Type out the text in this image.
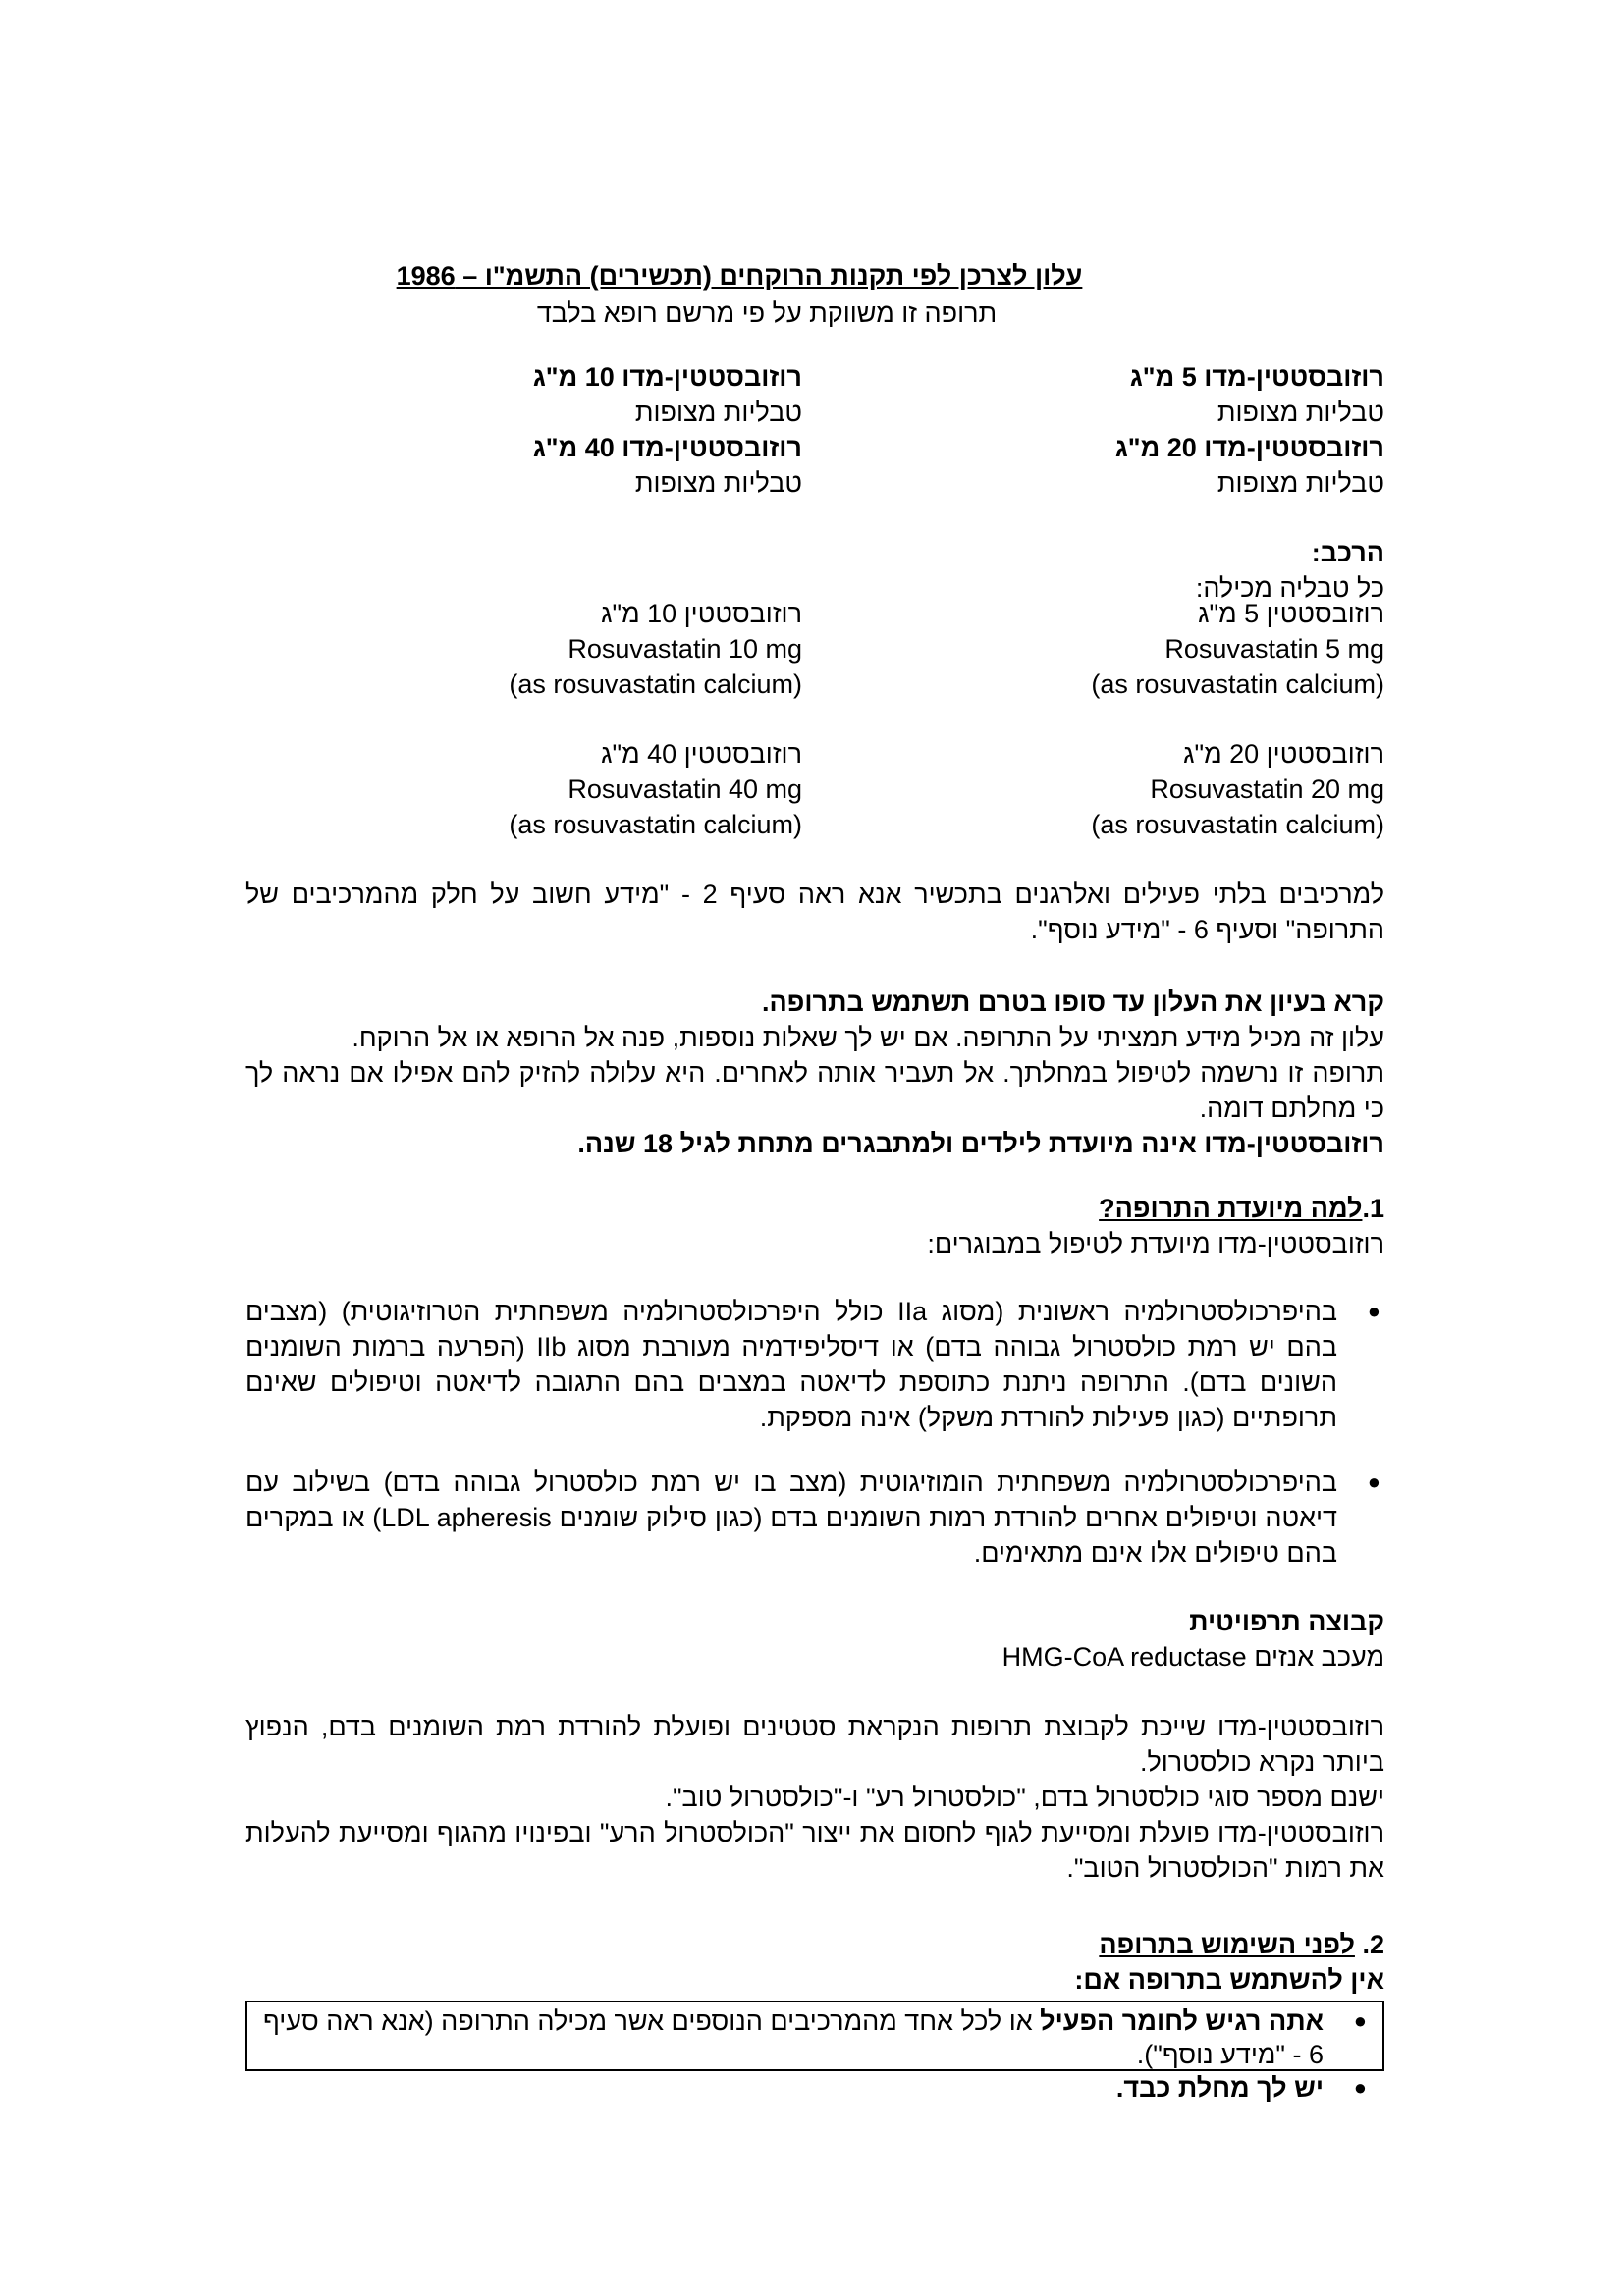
עלון לצרכן לפי תקנות הרוקחים (תכשירים) התשמ"ו – 1986
תרופה זו משווקת על פי מרשם רופא בלבד
רוזובסטטין-מדו 5 מ"ג
טבליות מצופות
רוזובסטטין-מדו 20 מ"ג
טבליות מצופות
רוזובסטטין-מדו 10 מ"ג
טבליות מצופות
רוזובסטטין-מדו 40 מ"ג
טבליות מצופות
הרכב:
כל טבליה מכילה:
רוזובסטטין 5 מ"ג
Rosuvastatin 5 mg
(as rosuvastatin calcium)
רוזובסטטין 20 מ"ג
Rosuvastatin 20 mg
(as rosuvastatin calcium)
רוזובסטטין 10 מ"ג
Rosuvastatin 10 mg
(as rosuvastatin calcium)
רוזובסטטין 40 מ"ג
Rosuvastatin 40 mg
(as rosuvastatin calcium)
למרכיבים בלתי פעילים ואלרגנים בתכשיר אנא ראה סעיף 2 - "מידע חשוב על חלק מהמרכיבים של התרופה" וסעיף 6 - "מידע נוסף".
קרא בעיון את העלון עד סופו בטרם תשתמש בתרופה.
עלון זה מכיל מידע תמציתי על התרופה. אם יש לך שאלות נוספות, פנה אל הרופא או אל הרוקח.
תרופה זו נרשמה לטיפול במחלתך. אל תעביר אותה לאחרים. היא עלולה להזיק להם אפילו אם נראה לך כי מחלתם דומה.
רוזובסטטין-מדו אינה מיועדת לילדים ולמתבגרים מתחת לגיל 18 שנה.
1.למה מיועדת התרופה?
רוזובסטטין-מדו מיועדת לטיפול במבוגרים:
●
בהיפרכולסטרולמיה ראשונית (מסוג IIa כולל היפרכולסטרולמיה משפחתית הטרוזיגוטית) (מצבים בהם יש רמת כולסטרול גבוהה בדם) או דיסליפידמיה מעורבת מסוג IIb (הפרעה ברמות השומנים השונים בדם). התרופה ניתנת כתוספת לדיאטה במצבים בהם התגובה לדיאטה וטיפולים שאינם תרופתיים (כגון פעילות להורדת משקל) אינה מספקת.
●
בהיפרכולסטרולמיה משפחתית הומוזיגוטית (מצב בו יש רמת כולסטרול גבוהה בדם) בשילוב עם דיאטה וטיפולים אחרים להורדת רמות השומנים בדם (כגון סילוק שומנים LDL apheresis) או במקרים בהם טיפולים אלו אינם מתאימים.
קבוצה תרפויטית
מעכב אנזים HMG-CoA reductase
רוזובסטטין-מדו שייכת לקבוצת תרופות הנקראת סטטינים ופועלת להורדת רמת השומנים בדם, הנפוץ ביותר נקרא כולסטרול.
ישנם מספר סוגי כולסטרול בדם, "כולסטרול רע" ו-"כולסטרול טוב".
רוזובסטטין-מדו פועלת ומסייעת לגוף לחסום את ייצור "הכולסטרול הרע" ובפינויו מהגוף ומסייעת להעלות את רמות "הכולסטרול הטוב".
2. לפני השימוש בתרופה
אין להשתמש בתרופה אם:
●
אתה רגיש לחומר הפעיל או לכל אחד מהמרכיבים הנוספים אשר מכילה התרופה (אנא ראה סעיף 6 - "מידע נוסף").
●
יש לך מחלת כבד.
